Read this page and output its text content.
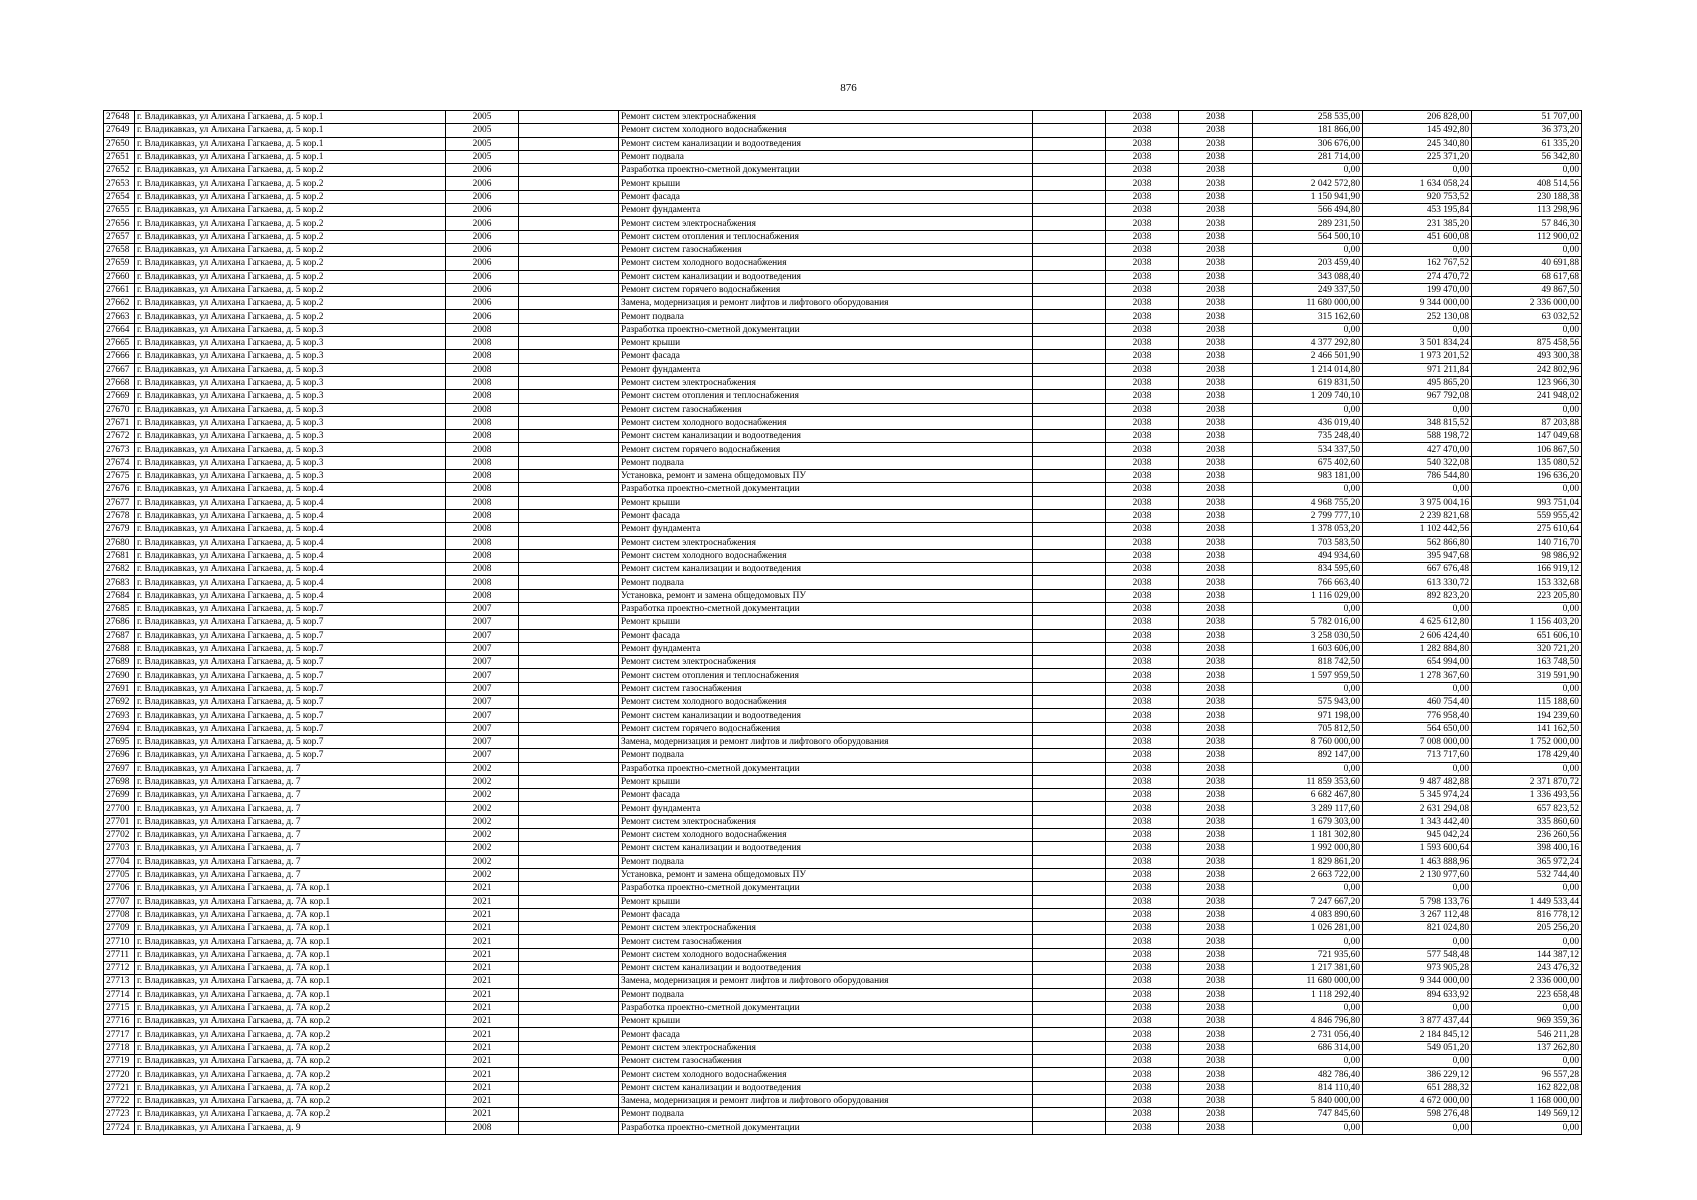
876
27648	г. Владикавказ, ул Алихана Гагкаева, д. 5 кор.1	2005		Ремонт систем электроснабжения		2038	2038	258 535,00	206 828,00	51 707,00
27649	г. Владикавказ, ул Алихана Гагкаева, д. 5 кор.1	2005		Ремонт систем холодного водоснабжения		2038	2038	181 866,00	145 492,80	36 373,20
27650	г. Владикавказ, ул Алихана Гагкаева, д. 5 кор.1	2005		Ремонт систем канализации и водоотведения		2038	2038	306 676,00	245 340,80	61 335,20
27651	г. Владикавказ, ул Алихана Гагкаева, д. 5 кор.1	2005		Ремонт подвала		2038	2038	281 714,00	225 371,20	56 342,80
27652	г. Владикавказ, ул Алихана Гагкаева, д. 5 кор.2	2006		Разработка проектно-сметной документации		2038	2038	0,00	0,00	0,00
27653	г. Владикавказ, ул Алихана Гагкаева, д. 5 кор.2	2006		Ремонт крыши		2038	2038	2 042 572,80	1 634 058,24	408 514,56
27654	г. Владикавказ, ул Алихана Гагкаева, д. 5 кор.2	2006		Ремонт фасада		2038	2038	1 150 941,90	920 753,52	230 188,38
27655	г. Владикавказ, ул Алихана Гагкаева, д. 5 кор.2	2006		Ремонт фундамента		2038	2038	566 494,80	453 195,84	113 298,96
27656	г. Владикавказ, ул Алихана Гагкаева, д. 5 кор.2	2006		Ремонт систем электроснабжения		2038	2038	289 231,50	231 385,20	57 846,30
27657	г. Владикавказ, ул Алихана Гагкаева, д. 5 кор.2	2006		Ремонт систем отопления и теплоснабжения		2038	2038	564 500,10	451 600,08	112 900,02
27658	г. Владикавказ, ул Алихана Гагкаева, д. 5 кор.2	2006		Ремонт систем газоснабжения		2038	2038	0,00	0,00	0,00
27659	г. Владикавказ, ул Алихана Гагкаева, д. 5 кор.2	2006		Ремонт систем холодного водоснабжения		2038	2038	203 459,40	162 767,52	40 691,88
27660	г. Владикавказ, ул Алихана Гагкаева, д. 5 кор.2	2006		Ремонт систем канализации и водоотведения		2038	2038	343 088,40	274 470,72	68 617,68
27661	г. Владикавказ, ул Алихана Гагкаева, д. 5 кор.2	2006		Ремонт систем горячего водоснабжения		2038	2038	249 337,50	199 470,00	49 867,50
27662	г. Владикавказ, ул Алихана Гагкаева, д. 5 кор.2	2006		Замена, модернизация и ремонт лифтов и лифтового оборудования		2038	2038	11 680 000,00	9 344 000,00	2 336 000,00
27663	г. Владикавказ, ул Алихана Гагкаева, д. 5 кор.2	2006		Ремонт подвала		2038	2038	315 162,60	252 130,08	63 032,52
27664	г. Владикавказ, ул Алихана Гагкаева, д. 5 кор.3	2008		Разработка проектно-сметной документации		2038	2038	0,00	0,00	0,00
27665	г. Владикавказ, ул Алихана Гагкаева, д. 5 кор.3	2008		Ремонт крыши		2038	2038	4 377 292,80	3 501 834,24	875 458,56
27666	г. Владикавказ, ул Алихана Гагкаева, д. 5 кор.3	2008		Ремонт фасада		2038	2038	2 466 501,90	1 973 201,52	493 300,38
27667	г. Владикавказ, ул Алихана Гагкаева, д. 5 кор.3	2008		Ремонт фундамента		2038	2038	1 214 014,80	971 211,84	242 802,96
27668	г. Владикавказ, ул Алихана Гагкаева, д. 5 кор.3	2008		Ремонт систем электроснабжения		2038	2038	619 831,50	495 865,20	123 966,30
27669	г. Владикавказ, ул Алихана Гагкаева, д. 5 кор.3	2008		Ремонт систем отопления и теплоснабжения		2038	2038	1 209 740,10	967 792,08	241 948,02
27670	г. Владикавказ, ул Алихана Гагкаева, д. 5 кор.3	2008		Ремонт систем газоснабжения		2038	2038	0,00	0,00	0,00
27671	г. Владикавказ, ул Алихана Гагкаева, д. 5 кор.3	2008		Ремонт систем холодного водоснабжения		2038	2038	436 019,40	348 815,52	87 203,88
27672	г. Владикавказ, ул Алихана Гагкаева, д. 5 кор.3	2008		Ремонт систем канализации и водоотведения		2038	2038	735 248,40	588 198,72	147 049,68
27673	г. Владикавказ, ул Алихана Гагкаева, д. 5 кор.3	2008		Ремонт систем горячего водоснабжения		2038	2038	534 337,50	427 470,00	106 867,50
27674	г. Владикавказ, ул Алихана Гагкаева, д. 5 кор.3	2008		Ремонт подвала		2038	2038	675 402,60	540 322,08	135 080,52
27675	г. Владикавказ, ул Алихана Гагкаева, д. 5 кор.3	2008		Установка, ремонт и замена общедомовых ПУ		2038	2038	983 181,00	786 544,80	196 636,20
27676	г. Владикавказ, ул Алихана Гагкаева, д. 5 кор.4	2008		Разработка проектно-сметной документации		2038	2038	0,00	0,00	0,00
27677	г. Владикавказ, ул Алихана Гагкаева, д. 5 кор.4	2008		Ремонт крыши		2038	2038	4 968 755,20	3 975 004,16	993 751,04
27678	г. Владикавказ, ул Алихана Гагкаева, д. 5 кор.4	2008		Ремонт фасада		2038	2038	2 799 777,10	2 239 821,68	559 955,42
27679	г. Владикавказ, ул Алихана Гагкаева, д. 5 кор.4	2008		Ремонт фундамента		2038	2038	1 378 053,20	1 102 442,56	275 610,64
27680	г. Владикавказ, ул Алихана Гагкаева, д. 5 кор.4	2008		Ремонт систем электроснабжения		2038	2038	703 583,50	562 866,80	140 716,70
27681	г. Владикавказ, ул Алихана Гагкаева, д. 5 кор.4	2008		Ремонт систем холодного водоснабжения		2038	2038	494 934,60	395 947,68	98 986,92
27682	г. Владикавказ, ул Алихана Гагкаева, д. 5 кор.4	2008		Ремонт систем канализации и водоотведения		2038	2038	834 595,60	667 676,48	166 919,12
27683	г. Владикавказ, ул Алихана Гагкаева, д. 5 кор.4	2008		Ремонт подвала		2038	2038	766 663,40	613 330,72	153 332,68
27684	г. Владикавказ, ул Алихана Гагкаева, д. 5 кор.4	2008		Установка, ремонт и замена общедомовых ПУ		2038	2038	1 116 029,00	892 823,20	223 205,80
27685	г. Владикавказ, ул Алихана Гагкаева, д. 5 кор.7	2007		Разработка проектно-сметной документации		2038	2038	0,00	0,00	0,00
27686	г. Владикавказ, ул Алихана Гагкаева, д. 5 кор.7	2007		Ремонт крыши		2038	2038	5 782 016,00	4 625 612,80	1 156 403,20
27687	г. Владикавказ, ул Алихана Гагкаева, д. 5 кор.7	2007		Ремонт фасада		2038	2038	3 258 030,50	2 606 424,40	651 606,10
27688	г. Владикавказ, ул Алихана Гагкаева, д. 5 кор.7	2007		Ремонт фундамента		2038	2038	1 603 606,00	1 282 884,80	320 721,20
27689	г. Владикавказ, ул Алихана Гагкаева, д. 5 кор.7	2007		Ремонт систем электроснабжения		2038	2038	818 742,50	654 994,00	163 748,50
27690	г. Владикавказ, ул Алихана Гагкаева, д. 5 кор.7	2007		Ремонт систем отопления и теплоснабжения		2038	2038	1 597 959,50	1 278 367,60	319 591,90
27691	г. Владикавказ, ул Алихана Гагкаева, д. 5 кор.7	2007		Ремонт систем газоснабжения		2038	2038	0,00	0,00	0,00
27692	г. Владикавказ, ул Алихана Гагкаева, д. 5 кор.7	2007		Ремонт систем холодного водоснабжения		2038	2038	575 943,00	460 754,40	115 188,60
27693	г. Владикавказ, ул Алихана Гагкаева, д. 5 кор.7	2007		Ремонт систем канализации и водоотведения		2038	2038	971 198,00	776 958,40	194 239,60
27694	г. Владикавказ, ул Алихана Гагкаева, д. 5 кор.7	2007		Ремонт систем горячего водоснабжения		2038	2038	705 812,50	564 650,00	141 162,50
27695	г. Владикавказ, ул Алихана Гагкаева, д. 5 кор.7	2007		Замена, модернизация и ремонт лифтов и лифтового оборудования		2038	2038	8 760 000,00	7 008 000,00	1 752 000,00
27696	г. Владикавказ, ул Алихана Гагкаева, д. 5 кор.7	2007		Ремонт подвала		2038	2038	892 147,00	713 717,60	178 429,40
27697	г. Владикавказ, ул Алихана Гагкаева, д. 7	2002		Разработка проектно-сметной документации		2038	2038	0,00	0,00	0,00
27698	г. Владикавказ, ул Алихана Гагкаева, д. 7	2002		Ремонт крыши		2038	2038	11 859 353,60	9 487 482,88	2 371 870,72
27699	г. Владикавказ, ул Алихана Гагкаева, д. 7	2002		Ремонт фасада		2038	2038	6 682 467,80	5 345 974,24	1 336 493,56
27700	г. Владикавказ, ул Алихана Гагкаева, д. 7	2002		Ремонт фундамента		2038	2038	3 289 117,60	2 631 294,08	657 823,52
27701	г. Владикавказ, ул Алихана Гагкаева, д. 7	2002		Ремонт систем электроснабжения		2038	2038	1 679 303,00	1 343 442,40	335 860,60
27702	г. Владикавказ, ул Алихана Гагкаева, д. 7	2002		Ремонт систем холодного водоснабжения		2038	2038	1 181 302,80	945 042,24	236 260,56
27703	г. Владикавказ, ул Алихана Гагкаева, д. 7	2002		Ремонт систем канализации и водоотведения		2038	2038	1 992 000,80	1 593 600,64	398 400,16
27704	г. Владикавказ, ул Алихана Гагкаева, д. 7	2002		Ремонт подвала		2038	2038	1 829 861,20	1 463 888,96	365 972,24
27705	г. Владикавказ, ул Алихана Гагкаева, д. 7	2002		Установка, ремонт и замена общедомовых ПУ		2038	2038	2 663 722,00	2 130 977,60	532 744,40
27706	г. Владикавказ, ул Алихана Гагкаева, д. 7А кор.1	2021		Разработка проектно-сметной документации		2038	2038	0,00	0,00	0,00
27707	г. Владикавказ, ул Алихана Гагкаева, д. 7А кор.1	2021		Ремонт крыши		2038	2038	7 247 667,20	5 798 133,76	1 449 533,44
27708	г. Владикавказ, ул Алихана Гагкаева, д. 7А кор.1	2021		Ремонт фасада		2038	2038	4 083 890,60	3 267 112,48	816 778,12
27709	г. Владикавказ, ул Алихана Гагкаева, д. 7А кор.1	2021		Ремонт систем электроснабжения		2038	2038	1 026 281,00	821 024,80	205 256,20
27710	г. Владикавказ, ул Алихана Гагкаева, д. 7А кор.1	2021		Ремонт систем газоснабжения		2038	2038	0,00	0,00	0,00
27711	г. Владикавказ, ул Алихана Гагкаева, д. 7А кор.1	2021		Ремонт систем холодного водоснабжения		2038	2038	721 935,60	577 548,48	144 387,12
27712	г. Владикавказ, ул Алихана Гагкаева, д. 7А кор.1	2021		Ремонт систем канализации и водоотведения		2038	2038	1 217 381,60	973 905,28	243 476,32
27713	г. Владикавказ, ул Алихана Гагкаева, д. 7А кор.1	2021		Замена, модернизация и ремонт лифтов и лифтового оборудования		2038	2038	11 680 000,00	9 344 000,00	2 336 000,00
27714	г. Владикавказ, ул Алихана Гагкаева, д. 7А кор.1	2021		Ремонт подвала		2038	2038	1 118 292,40	894 633,92	223 658,48
27715	г. Владикавказ, ул Алихана Гагкаева, д. 7А кор.2	2021		Разработка проектно-сметной документации		2038	2038	0,00	0,00	0,00
27716	г. Владикавказ, ул Алихана Гагкаева, д. 7А кор.2	2021		Ремонт крыши		2038	2038	4 846 796,80	3 877 437,44	969 359,36
27717	г. Владикавказ, ул Алихана Гагкаева, д. 7А кор.2	2021		Ремонт фасада		2038	2038	2 731 056,40	2 184 845,12	546 211,28
27718	г. Владикавказ, ул Алихана Гагкаева, д. 7А кор.2	2021		Ремонт систем электроснабжения		2038	2038	686 314,00	549 051,20	137 262,80
27719	г. Владикавказ, ул Алихана Гагкаева, д. 7А кор.2	2021		Ремонт систем газоснабжения		2038	2038	0,00	0,00	0,00
27720	г. Владикавказ, ул Алихана Гагкаева, д. 7А кор.2	2021		Ремонт систем холодного водоснабжения		2038	2038	482 786,40	386 229,12	96 557,28
27721	г. Владикавказ, ул Алихана Гагкаева, д. 7А кор.2	2021		Ремонт систем канализации и водоотведения		2038	2038	814 110,40	651 288,32	162 822,08
27722	г. Владикавказ, ул Алихана Гагкаева, д. 7А кор.2	2021		Замена, модернизация и ремонт лифтов и лифтового оборудования		2038	2038	5 840 000,00	4 672 000,00	1 168 000,00
27723	г. Владикавказ, ул Алихана Гагкаева, д. 7А кор.2	2021		Ремонт подвала		2038	2038	747 845,60	598 276,48	149 569,12
27724	г. Владикавказ, ул Алихана Гагкаева, д. 9	2008		Разработка проектно-сметной документации		2038	2038	0,00	0,00	0,00
